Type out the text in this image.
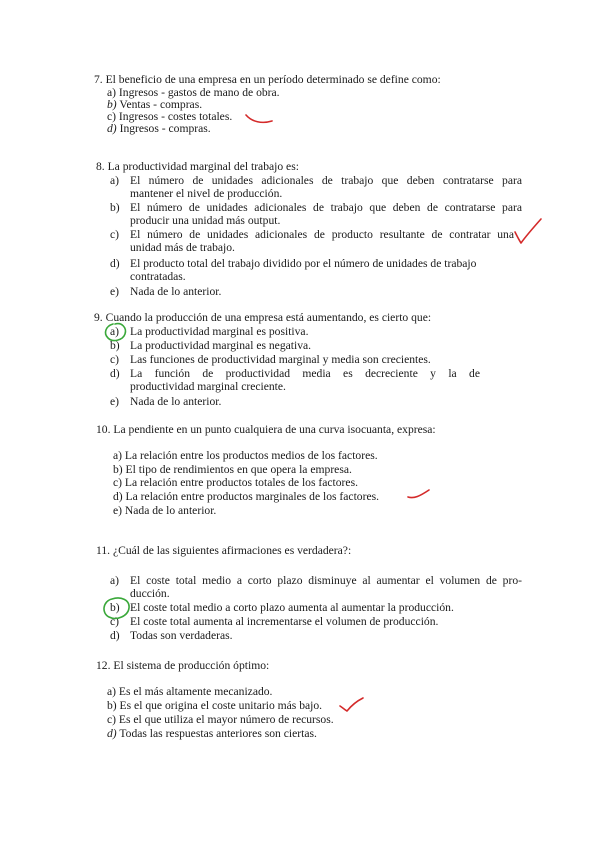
7. El beneficio de una empresa en un período determinado se define como:
a) Ingresos - gastos de mano de obra.
b) Ventas - compras.
c) Ingresos - costes totales.
d) Ingresos - compras.
8. La productividad marginal del trabajo es:
a) El número de unidades adicionales de trabajo que deben contratarse para
mantener el nivel de producción.
b) El número de unidades adicionales de trabajo que deben de contratarse para
producir una unidad más output.
c) El número de unidades adicionales de producto resultante de contratar una
unidad más de trabajo.
d) El producto total del trabajo dividido por el número de unidades de trabajo
contratadas.
e) Nada de lo anterior.
9. Cuando la producción de una empresa está aumentando, es cierto que:
a) La productividad marginal es positiva.
b) La productividad marginal es negativa.
c) Las funciones de productividad marginal y media son crecientes.
d) La función de productividad media es decreciente y la de
productividad marginal creciente.
e) Nada de lo anterior.
10. La pendiente en un punto cualquiera de una curva isocuanta, expresa:
a) La relación entre los productos medios de los factores.
b) El tipo de rendimientos en que opera la empresa.
c) La relación entre productos totales de los factores.
d) La relación entre productos marginales de los factores.
e) Nada de lo anterior.
11. ¿Cuál de las siguientes afirmaciones es verdadera?:
a) El coste total medio a corto plazo disminuye al aumentar el volumen de pro-
ducción.
b) El coste total medio a corto plazo aumenta al aumentar la producción.
c) El coste total aumenta al incrementarse el volumen de producción.
d) Todas son verdaderas.
12. El sistema de producción óptimo:
a) Es el más altamente mecanizado.
b) Es el que origina el coste unitario más bajo.
c) Es el que utiliza el mayor número de recursos.
d) Todas las respuestas anteriores son ciertas.
